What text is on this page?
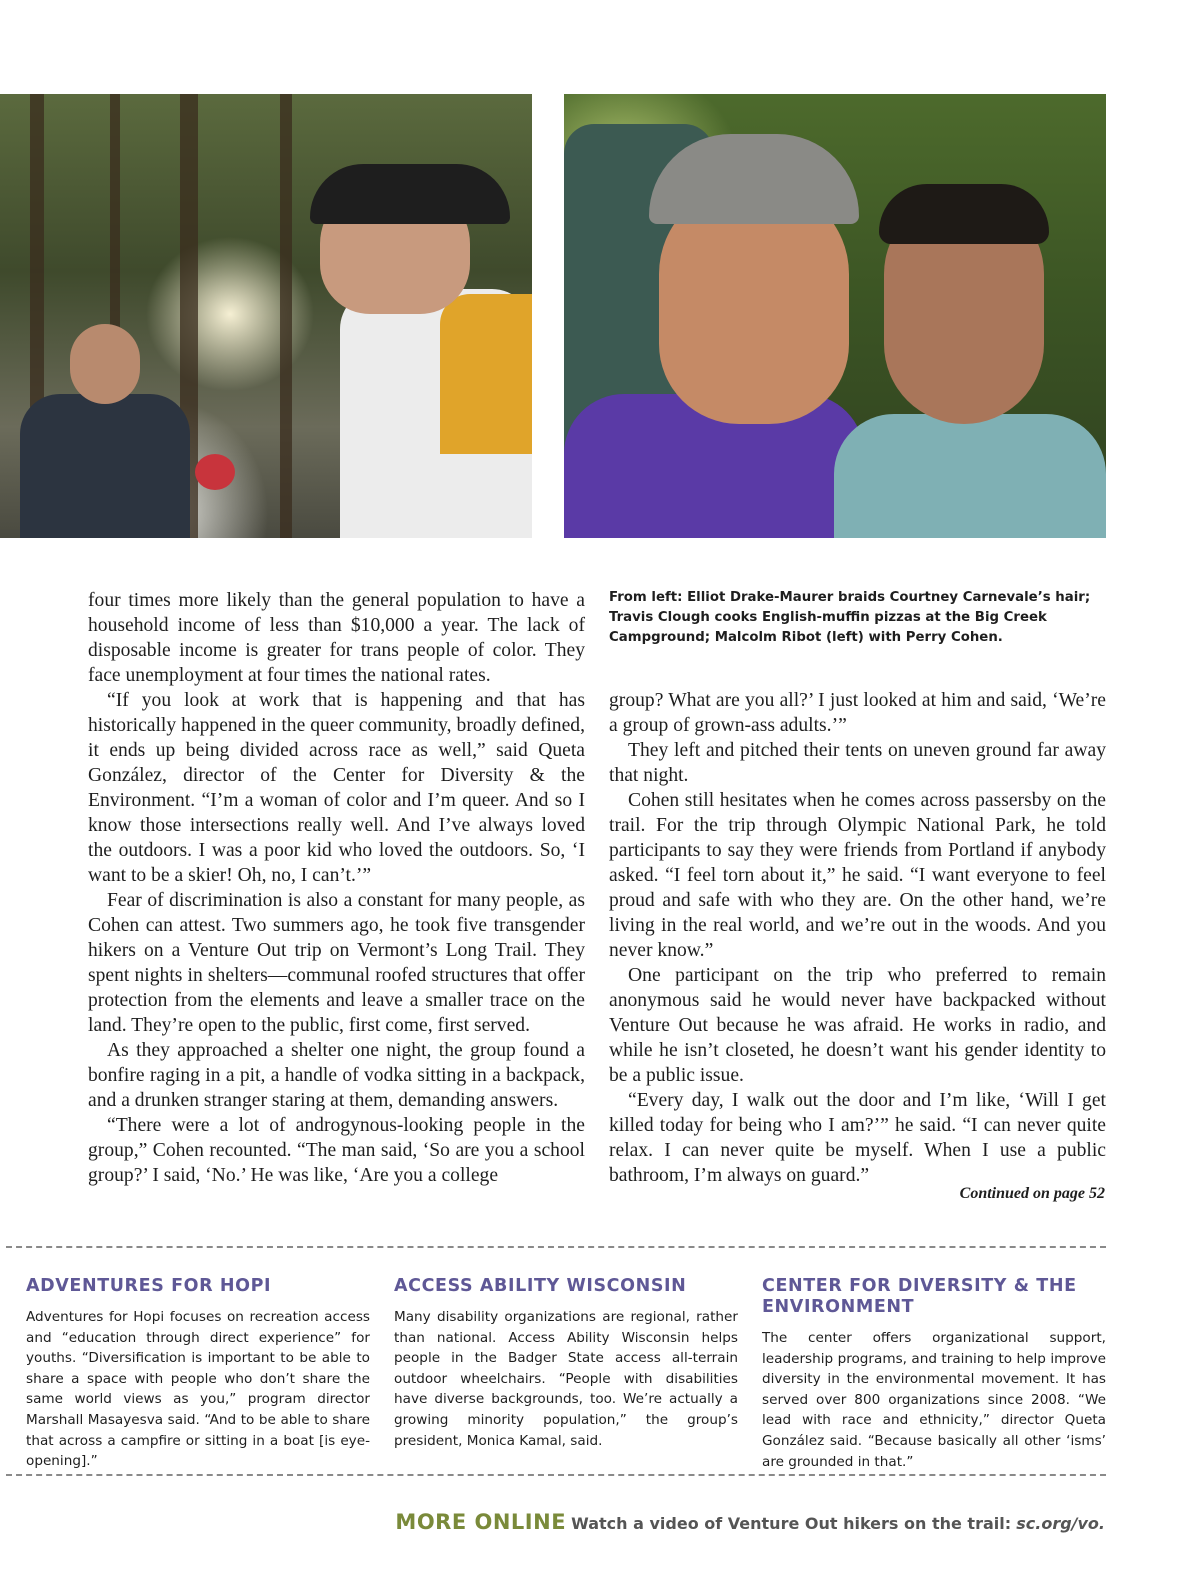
From left: Elliot Drake-Maurer braids Courtney Carnevale’s hair; Travis Clough cooks English-muffin pizzas at the Big Creek Campground; Malcolm Ribot (left) with Perry Cohen.

four times more likely than the general population to have a household income of less than $10,000 a year. The lack of disposable income is greater for trans people of color. They face unemployment at four times the national rates.

“If you look at work that is happening and that has historically happened in the queer community, broadly defined, it ends up being divided across race as well,” said Queta González, director of the Center for Diversity & the Environment. “I’m a woman of color and I’m queer. And so I know those intersections really well. And I’ve always loved the outdoors. I was a poor kid who loved the outdoors. So, ‘I want to be a skier! Oh, no, I can’t.’”

Fear of discrimination is also a constant for many people, as Cohen can attest. Two summers ago, he took five transgender hikers on a Venture Out trip on Vermont’s Long Trail. They spent nights in shelters—communal roofed structures that offer protection from the elements and leave a smaller trace on the land. They’re open to the public, first come, first served.

As they approached a shelter one night, the group found a bonfire raging in a pit, a handle of vodka sitting in a backpack, and a drunken stranger staring at them, demanding answers.

“There were a lot of androgynous-looking people in the group,” Cohen recounted. “The man said, ‘So are you a school group?’ I said, ‘No.’ He was like, ‘Are you a college

group? What are you all?’ I just looked at him and said, ‘We’re a group of grown-ass adults.’”

They left and pitched their tents on uneven ground far away that night.

Cohen still hesitates when he comes across passersby on the trail. For the trip through Olympic National Park, he told participants to say they were friends from Portland if anybody asked. “I feel torn about it,” he said. “I want everyone to feel proud and safe with who they are. On the other hand, we’re living in the real world, and we’re out in the woods. And you never know.”

One participant on the trip who preferred to remain anonymous said he would never have backpacked without Venture Out because he was afraid. He works in radio, and while he isn’t closeted, he doesn’t want his gender identity to be a public issue.

“Every day, I walk out the door and I’m like, ‘Will I get killed today for being who I am?’” he said. “I can never quite relax. I can never quite be myself. When I use a public bathroom, I’m always on guard.”

Continued on page 52
ADVENTURES FOR HOPI

Adventures for Hopi focuses on recreation access and “education through direct experience” for youths. “Diversification is important to be able to share a space with people who don’t share the same world views as you,” program director Marshall Masayesva said. “And to be able to share that across a campfire or sitting in a boat [is eye-opening].”

ACCESS ABILITY WISCONSIN

Many disability organizations are regional, rather than national. Access Ability Wisconsin helps people in the Badger State access all-terrain outdoor wheelchairs. “People with disabilities have diverse backgrounds, too. We’re actually a growing minority population,” the group’s president, Monica Kamal, said.

CENTER FOR DIVERSITY & THE ENVIRONMENT

The center offers organizational support, leadership programs, and training to help improve diversity in the environmental movement. It has served over 800 organizations since 2008. “We lead with race and ethnicity,” director Queta González said. “Because basically all other ‘isms’ are grounded in that.”

MORE ONLINE Watch a video of Venture Out hikers on the trail: sc.org/vo.
